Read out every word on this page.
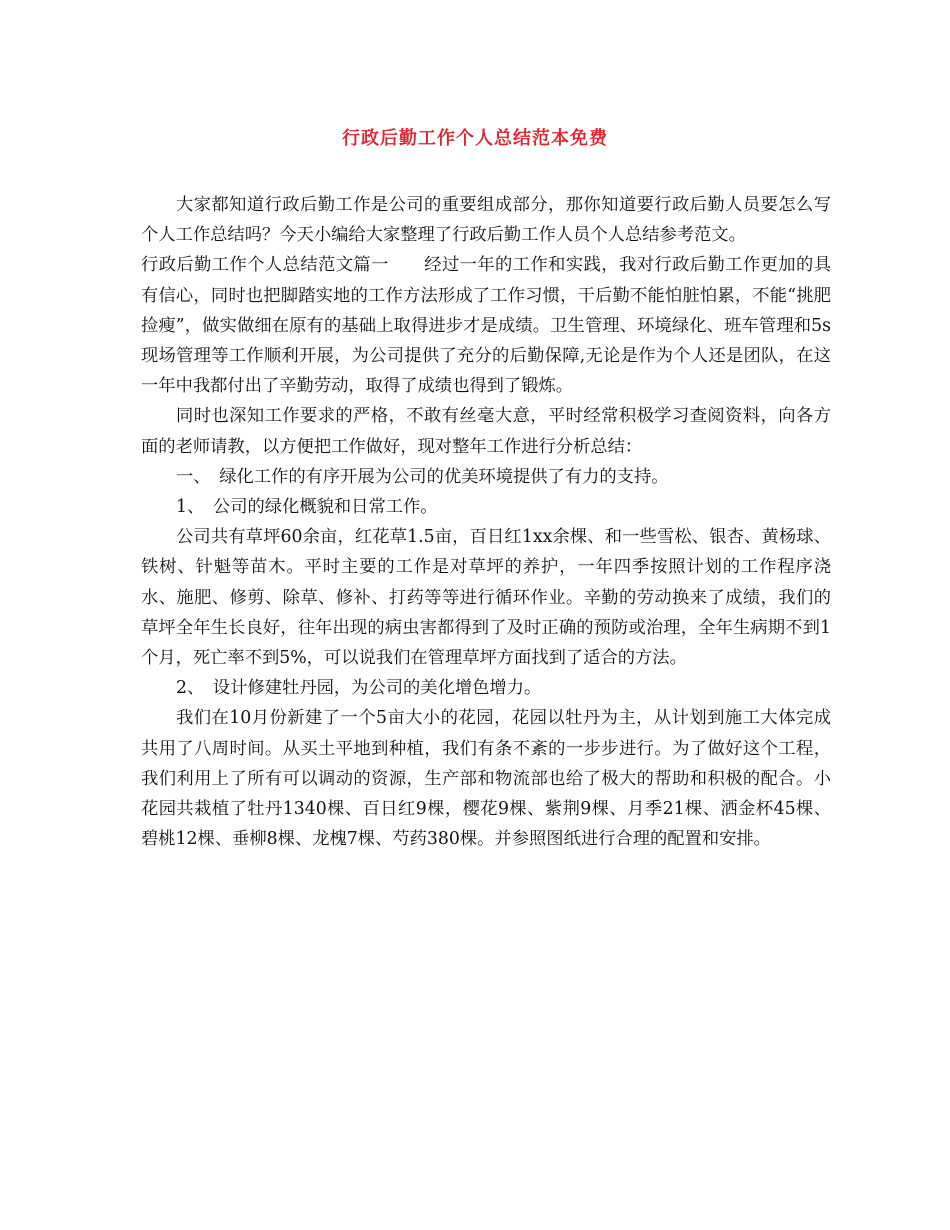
行政后勤工作个人总结范本免费

大家都知道行政后勤工作是公司的重要组成部分，那你知道要行政后勤人员要怎么写个人工作总结吗？今天小编给大家整理了行政后勤工作人员个人总结参考范文。

行政后勤工作个人总结范文篇一　　经过一年的工作和实践，我对行政后勤工作更加的具有信心，同时也把脚踏实地的工作方法形成了工作习惯，干后勤不能怕脏怕累，不能“挑肥捡瘦”，做实做细在原有的基础上取得进步才是成绩。卫生管理、环境绿化、班车管理和5s现场管理等工作顺利开展，为公司提供了充分的后勤保障,无论是作为个人还是团队，在这一年中我都付出了辛勤劳动，取得了成绩也得到了锻炼。

同时也深知工作要求的严格，不敢有丝毫大意，平时经常积极学习查阅资料，向各方面的老师请教，以方便把工作做好，现对整年工作进行分析总结：

一、　绿化工作的有序开展为公司的优美环境提供了有力的支持。

1、　公司的绿化概貌和日常工作。

公司共有草坪60余亩，红花草1.5亩，百日红1xx余棵、和一些雪松、银杏、黄杨球、铁树、针魁等苗木。平时主要的工作是对草坪的养护，一年四季按照计划的工作程序浇水、施肥、修剪、除草、修补、打药等等进行循环作业。辛勤的劳动换来了成绩，我们的草坪全年生长良好，往年出现的病虫害都得到了及时正确的预防或治理，全年生病期不到1个月，死亡率不到5%，可以说我们在管理草坪方面找到了适合的方法。

2、　设计修建牡丹园，为公司的美化增色增力。

我们在10月份新建了一个5亩大小的花园，花园以牡丹为主，从计划到施工大体完成共用了八周时间。从买土平地到种植，我们有条不紊的一步步进行。为了做好这个工程，我们利用上了所有可以调动的资源，生产部和物流部也给了极大的帮助和积极的配合。小花园共栽植了牡丹1340棵、百日红9棵，樱花9棵、紫荆9棵、月季21棵、洒金杯45棵、碧桃12棵、垂柳8棵、龙槐7棵、芍药380棵。并参照图纸进行合理的配置和安排。
